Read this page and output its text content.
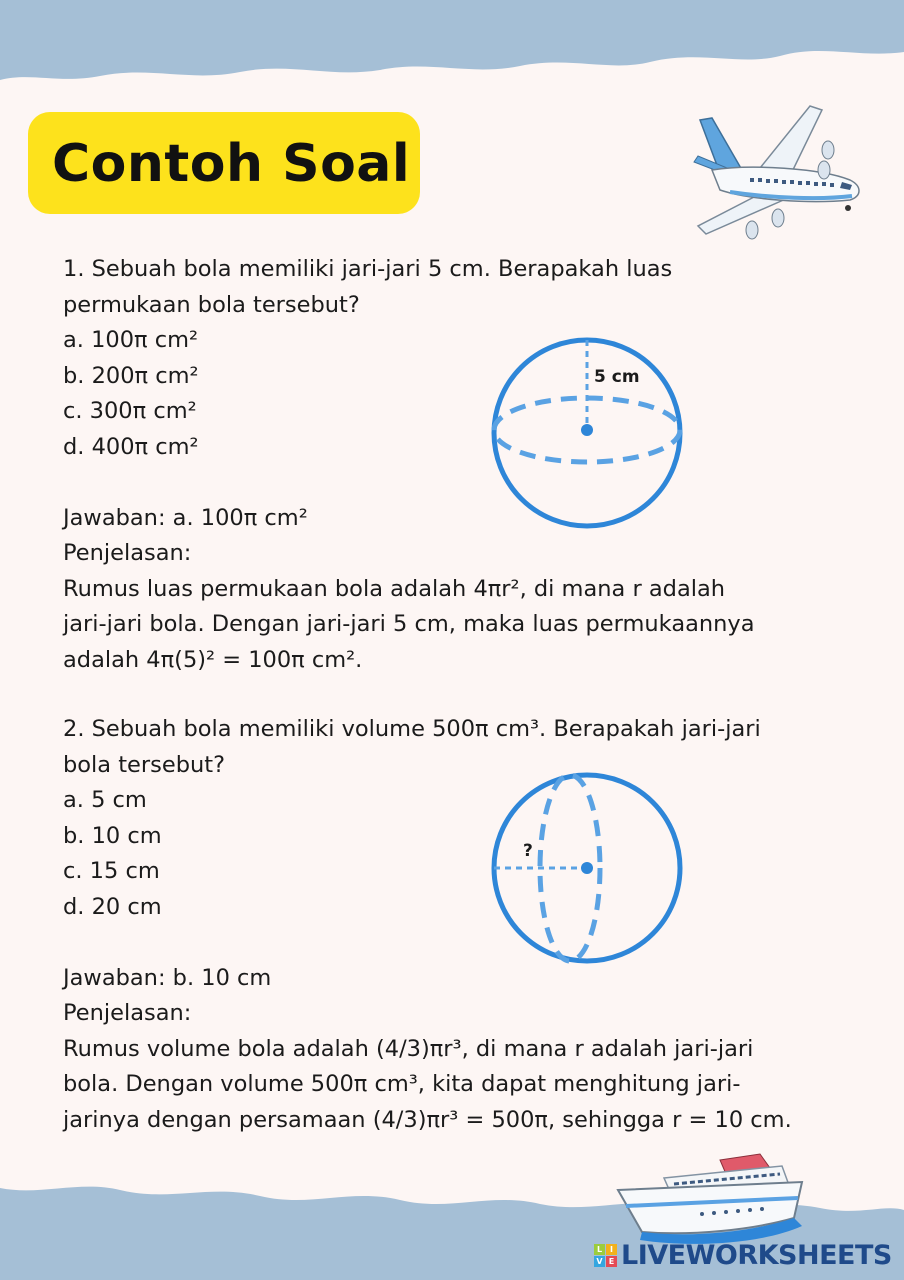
Contoh Soal
1. Sebuah bola memiliki jari-jari 5 cm. Berapakah luas
permukaan bola tersebut?
a. 100π cm²
b. 200π cm²
c. 300π cm²
d. 400π cm²
Jawaban: a. 100π cm²
Penjelasan:
Rumus luas permukaan bola adalah 4πr², di mana r adalah
jari-jari bola. Dengan jari-jari 5 cm, maka luas permukaannya
adalah 4π(5)² = 100π cm².
5 cm
2. Sebuah bola memiliki volume 500π cm³. Berapakah jari-jari
bola tersebut?
a. 5 cm
b. 10 cm
c. 15 cm
d. 20 cm
Jawaban: b. 10 cm
Penjelasan:
Rumus volume bola adalah (4/3)πr³, di mana r adalah jari-jari
bola. Dengan volume 500π cm³, kita dapat menghitung jari-
jarinya dengan persamaan (4/3)πr³ = 500π, sehingga r = 10 cm.
?
L I
V E LIVEWORKSHEETS
